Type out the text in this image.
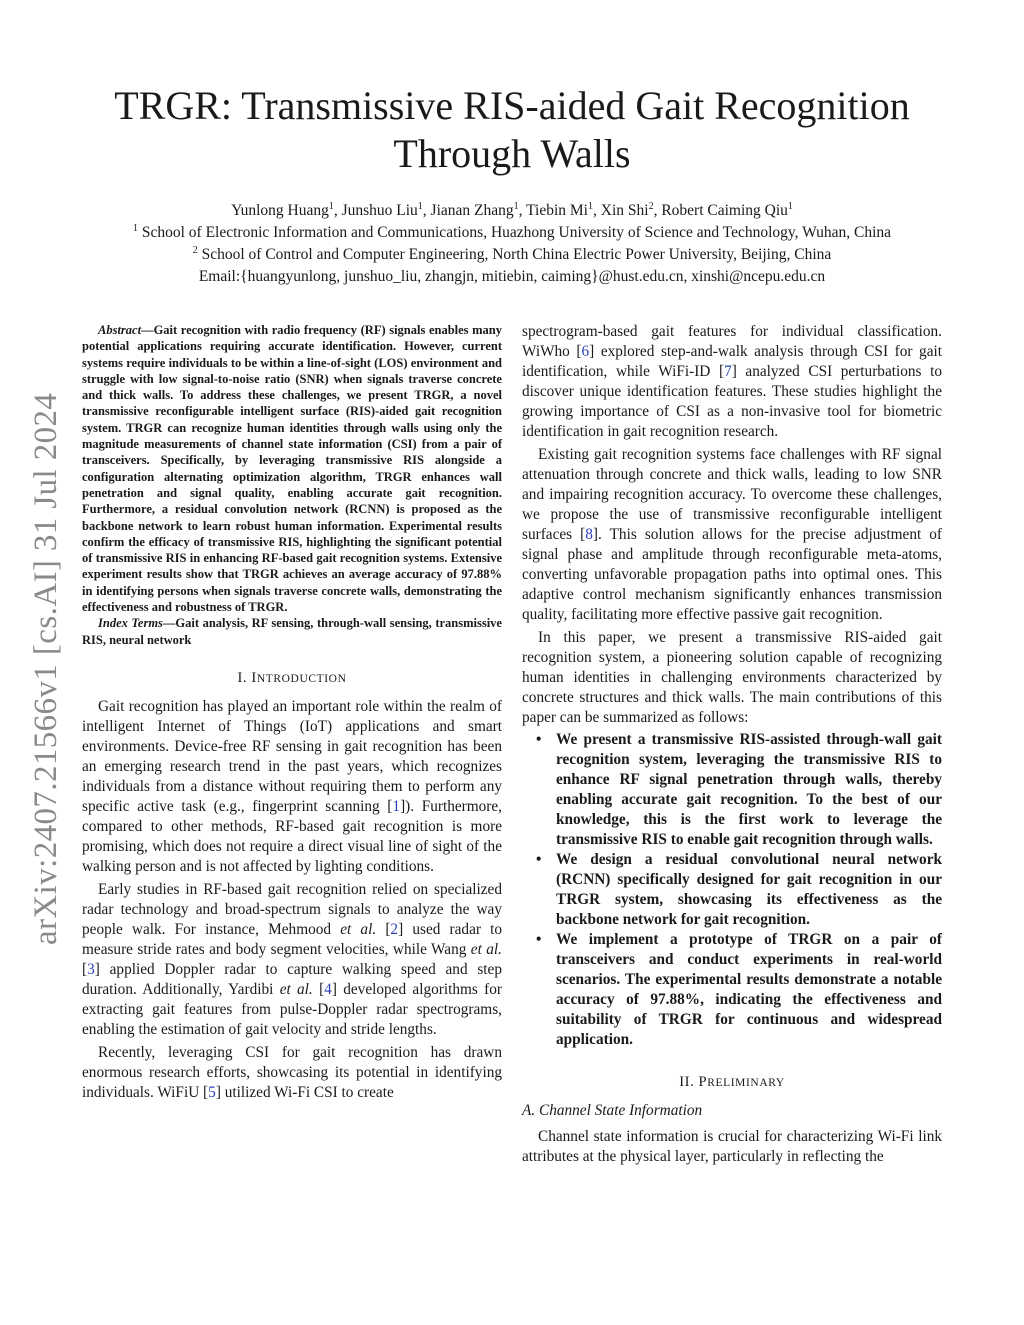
arXiv:2407.21566v1 [cs.AI] 31 Jul 2024
TRGR: Transmissive RIS-aided Gait Recognition Through Walls
Yunlong Huang$^1$, Junshuo Liu$^1$, Jianan Zhang$^1$, Tiebin Mi$^1$, Xin Shi$^2$, Robert Caiming Qiu$^1$
$^1$ School of Electronic Information and Communications, Huazhong University of Science and Technology, Wuhan, China
$^2$ School of Control and Computer Engineering, North China Electric Power University, Beijing, China
Email:{huangyunlong, junshuo_liu, zhangjn, mitiebin, caiming}@hust.edu.cn, xinshi@ncepu.edu.cn

Abstract—Gait recognition with radio frequency (RF) signals enables many potential applications requiring accurate identification. However, current systems require individuals to be within a line-of-sight (LOS) environment and struggle with low signal-to-noise ratio (SNR) when signals traverse concrete and thick walls. To address these challenges, we present TRGR, a novel transmissive reconfigurable intelligent surface (RIS)-aided gait recognition system. TRGR can recognize human identities through walls using only the magnitude measurements of channel state information (CSI) from a pair of transceivers. Specifically, by leveraging transmissive RIS alongside a configuration alternating optimization algorithm, TRGR enhances wall penetration and signal quality, enabling accurate gait recognition. Furthermore, a residual convolution network (RCNN) is proposed as the backbone network to learn robust human information. Experimental results confirm the efficacy of transmissive RIS, highlighting the significant potential of transmissive RIS in enhancing RF-based gait recognition systems. Extensive experiment results show that TRGR achieves an average accuracy of 97.88% in identifying persons when signals traverse concrete walls, demonstrating the effectiveness and robustness of TRGR.

Index Terms—Gait analysis, RF sensing, through-wall sensing, transmissive RIS, neural network

I. INTRODUCTION

Gait recognition has played an important role within the realm of intelligent Internet of Things (IoT) applications and smart environments. Device-free RF sensing in gait recognition has been an emerging research trend in the past years, which recognizes individuals from a distance without requiring them to perform any specific active task (e.g., fingerprint scanning [1]). Furthermore, compared to other methods, RF-based gait recognition is more promising, which does not require a direct visual line of sight of the walking person and is not affected by lighting conditions.

Early studies in RF-based gait recognition relied on specialized radar technology and broad-spectrum signals to analyze the way people walk. For instance, Mehmood et al. [2] used radar to measure stride rates and body segment velocities, while Wang et al. [3] applied Doppler radar to capture walking speed and step duration. Additionally, Yardibi et al. [4] developed algorithms for extracting gait features from pulse-Doppler radar spectrograms, enabling the estimation of gait velocity and stride lengths.

Recently, leveraging CSI for gait recognition has drawn enormous research efforts, showcasing its potential in identifying individuals. WiFiU [5] utilized Wi-Fi CSI to create

spectrogram-based gait features for individual classification. WiWho [6] explored step-and-walk analysis through CSI for gait identification, while WiFi-ID [7] analyzed CSI perturbations to discover unique identification features. These studies highlight the growing importance of CSI as a non-invasive tool for biometric identification in gait recognition research.

Existing gait recognition systems face challenges with RF signal attenuation through concrete and thick walls, leading to low SNR and impairing recognition accuracy. To overcome these challenges, we propose the use of transmissive reconfigurable intelligent surfaces [8]. This solution allows for the precise adjustment of signal phase and amplitude through reconfigurable meta-atoms, converting unfavorable propagation paths into optimal ones. This adaptive control mechanism significantly enhances transmission quality, facilitating more effective passive gait recognition.

In this paper, we present a transmissive RIS-aided gait recognition system, a pioneering solution capable of recognizing human identities in challenging environments characterized by concrete structures and thick walls. The main contributions of this paper can be summarized as follows:

• We present a transmissive RIS-assisted through-wall gait recognition system, leveraging the transmissive RIS to enhance RF signal penetration through walls, thereby enabling accurate gait recognition. To the best of our knowledge, this is the first work to leverage the transmissive RIS to enable gait recognition through walls.
• We design a residual convolutional neural network (RCNN) specifically designed for gait recognition in our TRGR system, showcasing its effectiveness as the backbone network for gait recognition.
• We implement a prototype of TRGR on a pair of transceivers and conduct experiments in real-world scenarios. The experimental results demonstrate a notable accuracy of 97.88%, indicating the effectiveness and suitability of TRGR for continuous and widespread application.
II. PRELIMINARY
A. Channel State Information

Channel state information is crucial for characterizing Wi-Fi link attributes at the physical layer, particularly in reflecting the
